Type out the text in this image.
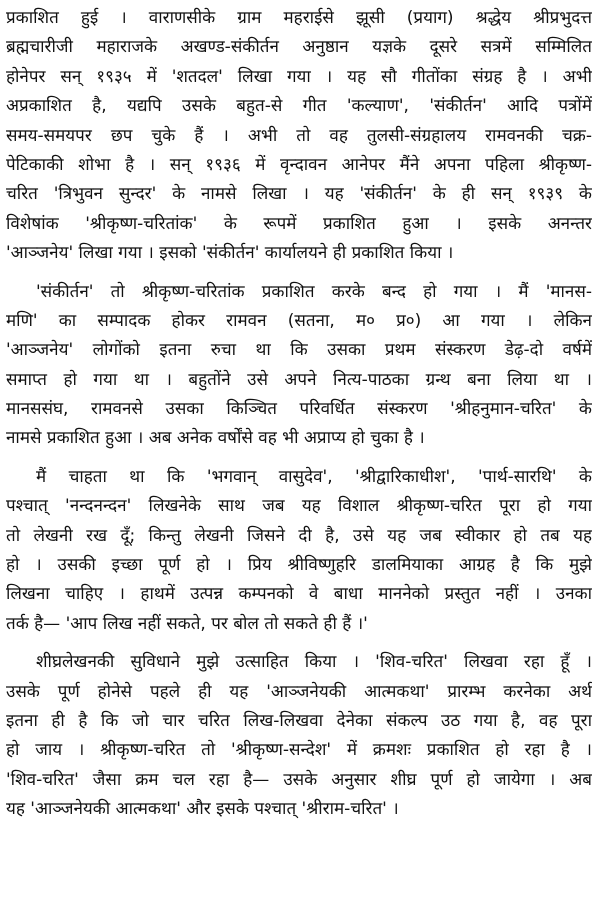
प्रकाशित हुई । वाराणसीके ग्राम महराईसे झूसी (प्रयाग) श्रद्धेय श्रीप्रभुदत्त
ब्रह्मचारीजी महाराजके अखण्ड-संकीर्तन अनुष्ठान यज्ञके दूसरे सत्रमें सम्मिलित
होनेपर सन् १९३५ में 'शतदल' लिखा गया । यह सौ गीतोंका संग्रह है । अभी
अप्रकाशित है, यद्यपि उसके बहुत-से गीत 'कल्याण', 'संकीर्तन' आदि पत्रोंमें
समय-समयपर छप चुके हैं । अभी तो वह तुलसी-संग्रहालय रामवनकी चक्र-
पेटिकाकी शोभा है । सन् १९३६ में वृन्दावन आनेपर मैंने अपना पहिला श्रीकृष्ण-
चरित 'त्रिभुवन सुन्दर' के नामसे लिखा । यह 'संकीर्तन' के ही सन् १९३९ के
विशेषांक 'श्रीकृष्ण-चरितांक' के रूपमें प्रकाशित हुआ । इसके अनन्तर
'आञ्जनेय' लिखा गया । इसको 'संकीर्तन' कार्यालयने ही प्रकाशित किया ।
'संकीर्तन' तो श्रीकृष्ण-चरितांक प्रकाशित करके बन्द हो गया । मैं 'मानस-
मणि' का सम्पादक होकर रामवन (सतना, म० प्र०) आ गया । लेकिन
'आञ्जनेय' लोगोंको इतना रुचा था कि उसका प्रथम संस्करण डेढ़-दो वर्षमें
समाप्त हो गया था । बहुतोंने उसे अपने नित्य-पाठका ग्रन्थ बना लिया था ।
मानससंघ, रामवनसे उसका किञ्चित परिवर्धित संस्करण 'श्रीहनुमान-चरित' के
नामसे प्रकाशित हुआ । अब अनेक वर्षोंसे वह भी अप्राप्य हो चुका है ।
मैं चाहता था कि 'भगवान् वासुदेव', 'श्रीद्वारिकाधीश', 'पार्थ-सारथि' के
पश्चात् 'नन्दनन्दन' लिखनेके साथ जब यह विशाल श्रीकृष्ण-चरित पूरा हो गया
तो लेखनी रख दूँ; किन्तु लेखनी जिसने दी है, उसे यह जब स्वीकार हो तब यह
हो । उसकी इच्छा पूर्ण हो । प्रिय श्रीविष्णुहरि डालमियाका आग्रह है कि मुझे
लिखना चाहिए । हाथमें उत्पन्न कम्पनको वे बाधा माननेको प्रस्तुत नहीं । उनका
तर्क है— 'आप लिख नहीं सकते, पर बोल तो सकते ही हैं ।'
शीघ्रलेखनकी सुविधाने मुझे उत्साहित किया । 'शिव-चरित' लिखवा रहा हूँ ।
उसके पूर्ण होनेसे पहले ही यह 'आञ्जनेयकी आत्मकथा' प्रारम्भ करनेका अर्थ
इतना ही है कि जो चार चरित लिख-लिखवा देनेका संकल्प उठ गया है, वह पूरा
हो जाय । श्रीकृष्ण-चरित तो 'श्रीकृष्ण-सन्देश' में क्रमशः प्रकाशित हो रहा है ।
'शिव-चरित' जैसा क्रम चल रहा है— उसके अनुसार शीघ्र पूर्ण हो जायेगा । अब
यह 'आञ्जनेयकी आत्मकथा' और इसके पश्चात् 'श्रीराम-चरित' ।
